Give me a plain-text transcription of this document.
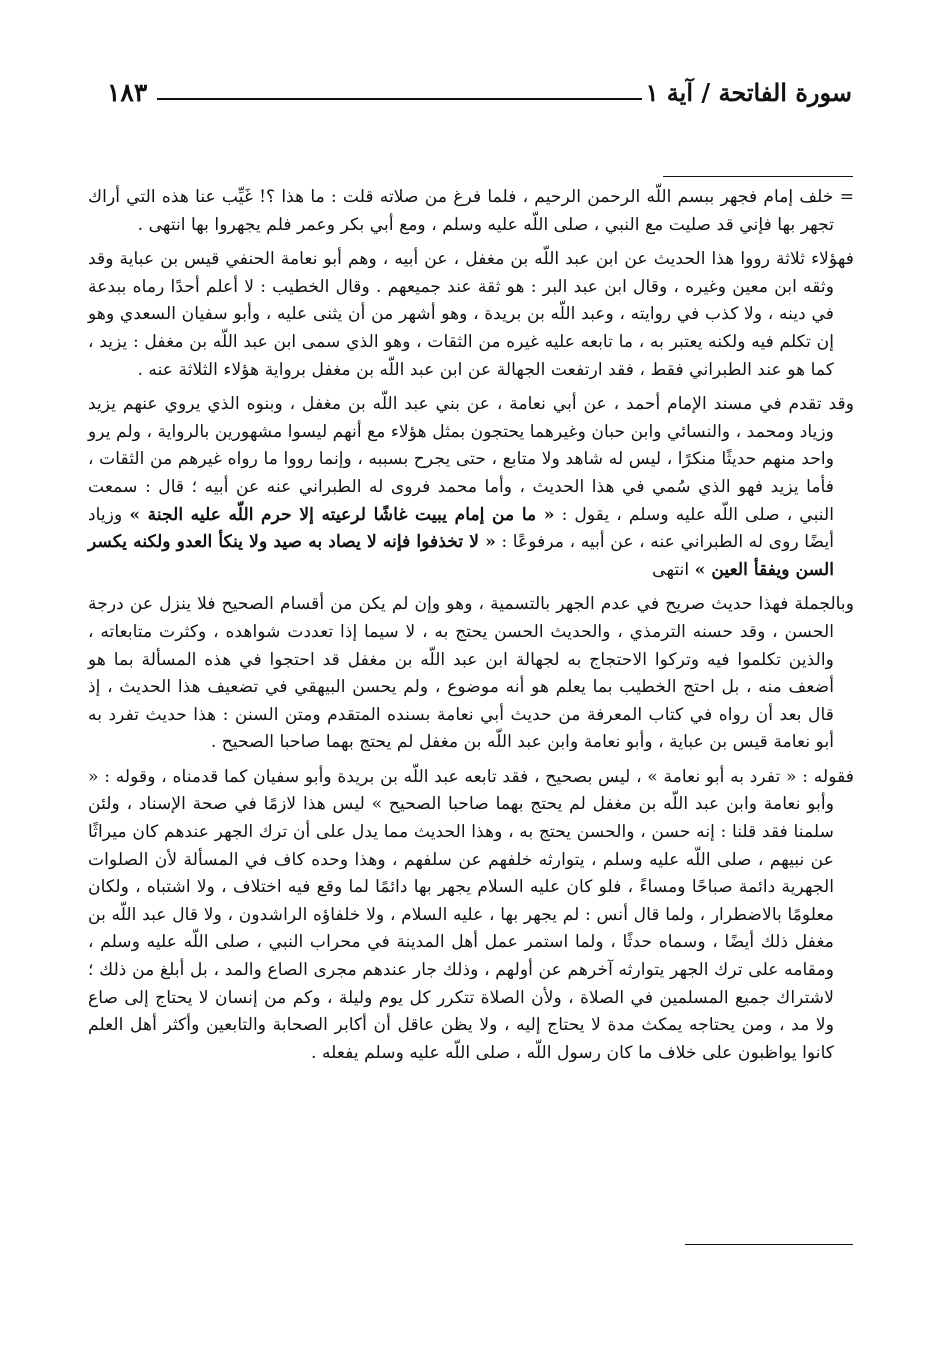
١٨٣	سورة الفاتحة / آية ١

= خلف إمام فجهر ببسم اللّه الرحمن الرحيم ، فلما فرغ من صلاته قلت : ما هذا ؟! غَيِّب عنا هذه التي أراك تجهر بها فإني قد صليت مع النبي ، صلى اللّه عليه وسلم ، ومع أبي بكر وعمر فلم يجهروا بها انتهى .

فهؤلاء ثلاثة رووا هذا الحديث عن ابن عبد اللّه بن مغفل ، عن أبيه ، وهم أبو نعامة الحنفي قيس بن عباية وقد وثقه ابن معين وغيره ، وقال ابن عبد البر : هو ثقة عند جميعهم . وقال الخطيب : لا أعلم أحدًا رماه ببدعة في دينه ، ولا كذب في روايته ، وعبد اللّه بن بريدة ، وهو أشهر من أن يثنى عليه ، وأبو سفيان السعدي وهو إن تكلم فيه ولكنه يعتبر به ، ما تابعه عليه غيره من الثقات ، وهو الذي سمى ابن عبد اللّه بن مغفل : يزيد ، كما هو عند الطبراني فقط ، فقد ارتفعت الجهالة عن ابن عبد اللّه بن مغفل برواية هؤلاء الثلاثة عنه .

وقد تقدم في مسند الإمام أحمد ، عن أبي نعامة ، عن بني عبد اللّه بن مغفل ، وبنوه الذي يروي عنهم يزيد وزياد ومحمد ، والنسائي وابن حبان وغيرهما يحتجون بمثل هؤلاء مع أنهم ليسوا مشهورين بالرواية ، ولم يرو واحد منهم حديثًا منكرًا ، ليس له شاهد ولا متابع ، حتى يجرح بسببه ، وإنما رووا ما رواه غيرهم من الثقات ، فأما يزيد فهو الذي سُمي في هذا الحديث ، وأما محمد فروى له الطبراني عنه عن أبيه ؛ قال : سمعت النبي ، صلى اللّه عليه وسلم ، يقول : « ما من إمام يبيت غاشًا لرعيته إلا حرم اللّه عليه الجنة » وزياد أيضًا روى له الطبراني عنه ، عن أبيه ، مرفوعًا : « لا تخذفوا فإنه لا يصاد به صيد ولا ينكأ العدو ولكنه يكسر السن ويفقأ العين » انتهى

وبالجملة فهذا حديث صريح في عدم الجهر بالتسمية ، وهو وإن لم يكن من أقسام الصحيح فلا ينزل عن درجة الحسن ، وقد حسنه الترمذي ، والحديث الحسن يحتج به ، لا سيما إذا تعددت شواهده ، وكثرت متابعاته ، والذين تكلموا فيه وتركوا الاحتجاج به لجهالة ابن عبد اللّه بن مغفل قد احتجوا في هذه المسألة بما هو أضعف منه ، بل احتج الخطيب بما يعلم هو أنه موضوع ، ولم يحسن البيهقي في تضعيف هذا الحديث ، إذ قال بعد أن رواه في كتاب المعرفة من حديث أبي نعامة بسنده المتقدم ومتن السنن : هذا حديث تفرد به أبو نعامة قيس بن عباية ، وأبو نعامة وابن عبد اللّه بن مغفل لم يحتج بهما صاحبا الصحيح .

فقوله : « تفرد به أبو نعامة » ، ليس بصحيح ، فقد تابعه عبد اللّه بن بريدة وأبو سفيان كما قدمناه ، وقوله : « وأبو نعامة وابن عبد اللّه بن مغفل لم يحتج بهما صاحبا الصحيح » ليس هذا لازمًا في صحة الإسناد ، ولئن سلمنا فقد قلنا : إنه حسن ، والحسن يحتج به ، وهذا الحديث مما يدل على أن ترك الجهر عندهم كان ميراثًا عن نبيهم ، صلى اللّه عليه وسلم ، يتوارثه خلفهم عن سلفهم ، وهذا وحده كاف في المسألة لأن الصلوات الجهرية دائمة صباحًا ومساءً ، فلو كان عليه السلام يجهر بها دائمًا لما وقع فيه اختلاف ، ولا اشتباه ، ولكان معلومًا بالاضطرار ، ولما قال أنس : لم يجهر بها ، عليه السلام ، ولا خلفاؤه الراشدون ، ولا قال عبد اللّه بن مغفل ذلك أيضًا ، وسماه حدثًا ، ولما استمر عمل أهل المدينة في محراب النبي ، صلى اللّه عليه وسلم ، ومقامه على ترك الجهر يتوارثه آخرهم عن أولهم ، وذلك جار عندهم مجرى الصاع والمد ، بل أبلغ من ذلك ؛ لاشتراك جميع المسلمين في الصلاة ، ولأن الصلاة تتكرر كل يوم وليلة ، وكم من إنسان لا يحتاج إلى صاع ولا مد ، ومن يحتاجه يمكث مدة لا يحتاج إليه ، ولا يظن عاقل أن أكابر الصحابة والتابعين وأكثر أهل العلم كانوا يواظبون على خلاف ما كان رسول اللّه ، صلى اللّه عليه وسلم يفعله .
